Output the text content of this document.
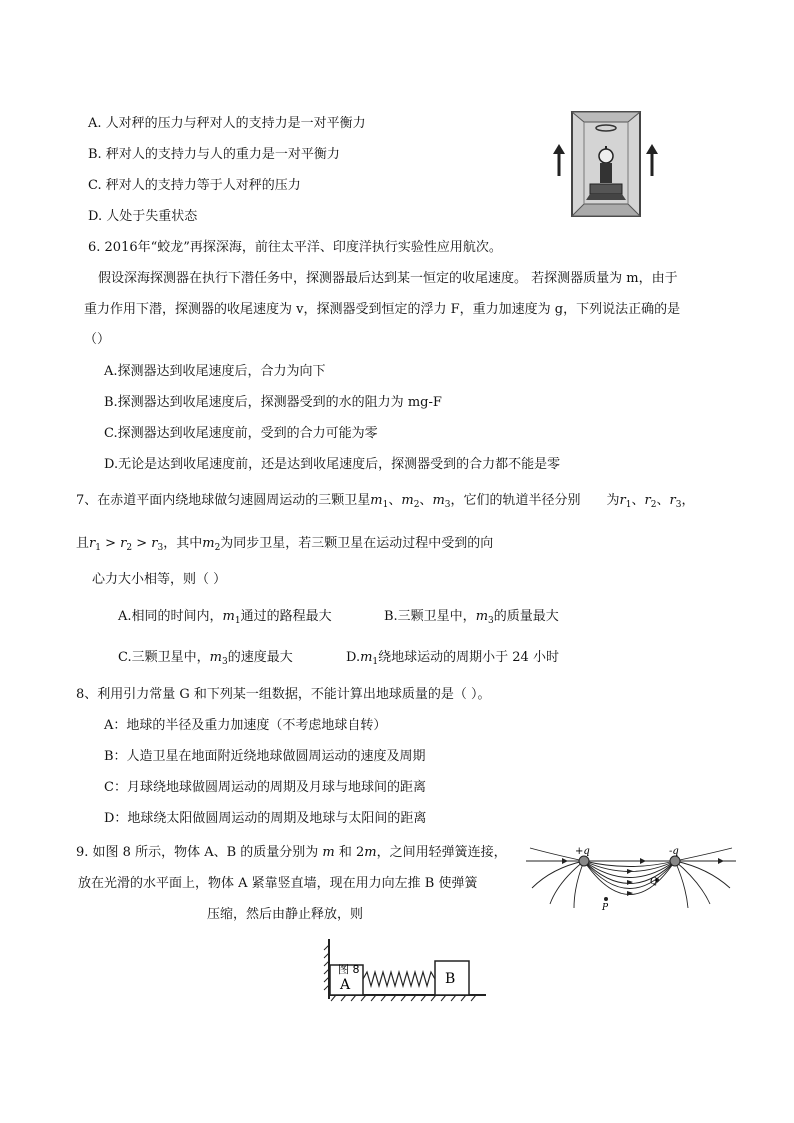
A. 人对秤的压力与秤对人的支持力是一对平衡力
B. 秤对人的支持力与人的重力是一对平衡力
C. 秤对人的支持力等于人对秤的压力
D. 人处于失重状态
6. 2016年“蛟龙”再探深海，前往太平洋、印度洋执行实验性应用航次。
假设深海探测器在执行下潜任务中，探测器最后达到某一恒定的收尾速度。 若探测器质量为 m，由于
重力作用下潜，探测器的收尾速度为 v，探测器受到恒定的浮力 F，重力加速度为 g，下列说法正确的是
（）
A.探测器达到收尾速度后，合力为向下
B.探测器达到收尾速度后，探测器受到的水的阻力为 mg-F
C.探测器达到收尾速度前，受到的合力可能为零
D.无论是达到收尾速度前，还是达到收尾速度后，探测器受到的合力都不能是零
7、在赤道平面内绕地球做匀速圆周运动的三颗卫星$m_1$、$m_2$、$m_3$，它们的轨道半径分别　　 为$r_1$、$r_2$、$r_3$，
且$r_1 > r_2 > r_3$，其中$m_2$为同步卫星，若三颗卫星在运动过程中受到的向
心力大小相等，则（ ）
A.相同的时间内，$m_1$通过的路程最大	B.三颗卫星中，$m_3$的质量最大
C.三颗卫星中，$m_3$的速度最大	$D.m_1$绕地球运动的周期小于 24 小时
8、利用引力常量 G 和下列某一组数据，不能计算出地球质量的是（ ）。
A：地球的半径及重力加速度（不考虑地球自转）
B：人造卫星在地面附近绕地球做圆周运动的速度及周期
C：月球绕地球做圆周运动的周期及月球与地球间的距离
D：地球绕太阳做圆周运动的周期及地球与太阳间的距离
9. 如图 8 所示，物体 A、B 的质量分别为 m 和 2m，之间用轻弹簧连接，
放在光滑的水平面上，物体 A 紧靠竖直墙，现在用力向左推 B 使弹簧
压缩，然后由静止释放，则
+q	-q
P
Q
A	B
图 8
